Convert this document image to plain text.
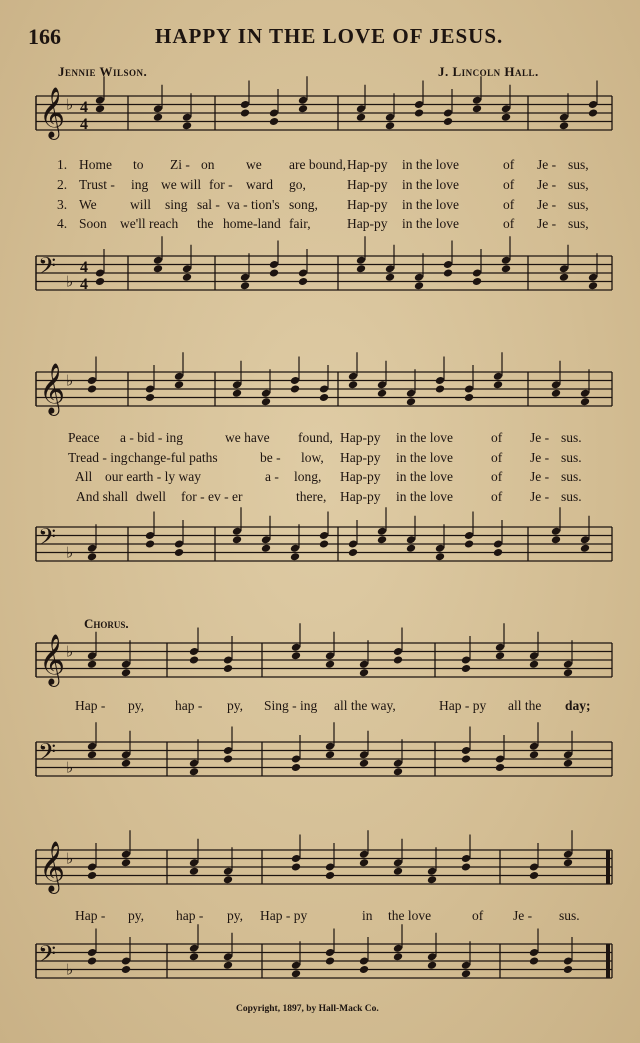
166	HAPPY IN THE LOVE OF JESUS.
Jennie Wilson.	J. Lincoln Hall.
𝄞 ♭
𝄢 ♭
4
4
4
4
𝄞 ♭
𝄢 ♭
𝄞 ♭
𝄢 ♭
𝄞 ♭
𝄢 ♭
1. Home to Zi - on we are bound, Hap-py in the love	of Je - sus,
2. Trust - ing we will for - ward go,	Hap-py in the love	of Je - sus,
3. We will sing sal - va - tion's song, Hap-py in the love	of Je - sus,
4. Soon we'll reach the home-land fair,	Hap-py in the love	of Je - sus,
Peace a - bid - ing	we have found, Hap-py in the love	of Je - sus.
Tread - ing change-ful paths	be - low, Hap-py in the love	of Je - sus.
All our earth - ly way	a - long, Hap-py in the love	of Je - sus.
And shall dwell for - ev - er	there, Hap-py in the love	of Je - sus.
Chorus.
Hap - py, hap - py, Sing - ing all the way,	Hap - py all the day;
Hap - py, hap - py, Hap - py	in the love	of Je - sus.
Copyright, 1897, by Hall-Mack Co.
